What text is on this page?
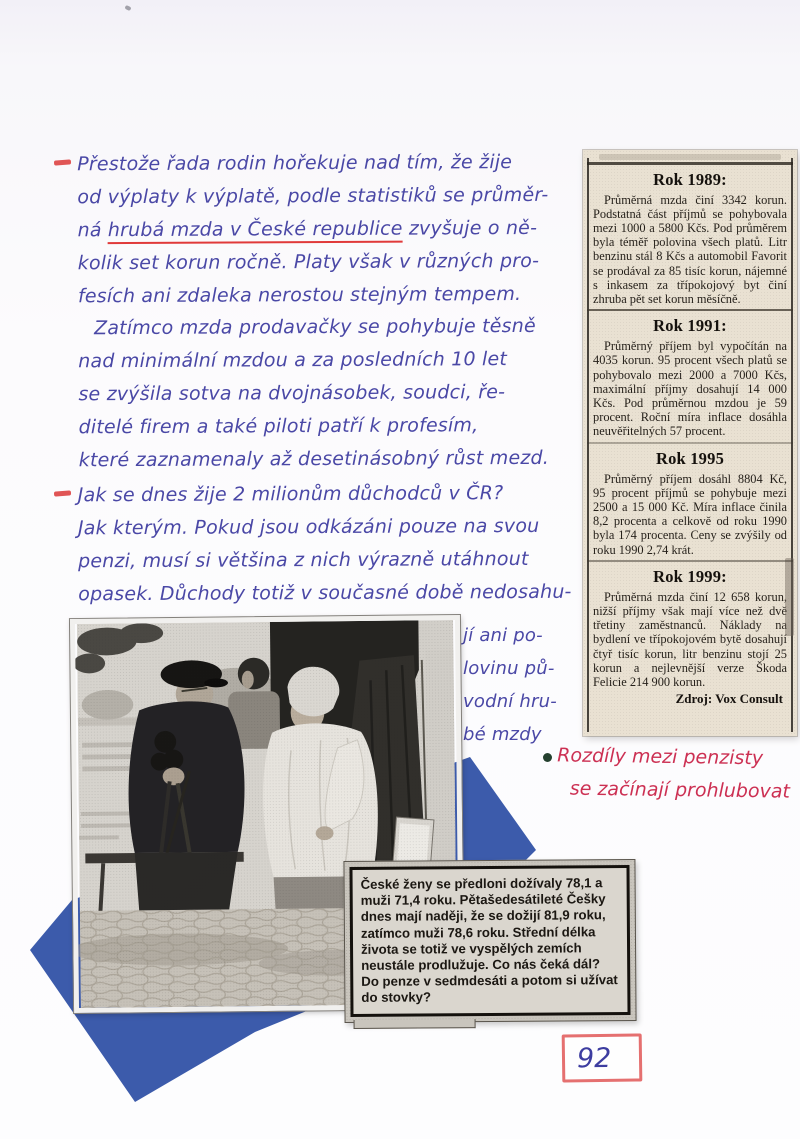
Přestože řada rodin hořekuje nad tím, že žije
od výplaty k výplatě, podle statistiků se průměr-
ná hrubá mzda v České republice zvyšuje o ně-
kolik set korun ročně. Platy však v různých pro-
fesích ani zdaleka nerostou stejným tempem.
Zatímco mzda prodavačky se pohybuje těsně
nad minimální mzdou a za posledních 10 let
se zvýšila sotva na dvojnásobek, soudci, ře-
ditelé firem a také piloti patří k profesím,
které zaznamenaly až desetinásobný růst mezd.
Jak se dnes žije 2 milionům důchodců v ČR?
Jak kterým. Pokud jsou odkázáni pouze na svou
penzi, musí si většina z nich výrazně utáhnout
opasek. Důchody totiž v současné době nedosahu-
jí ani po-
lovinu pů-
vodní hru-
bé mzdy
Rok 1989:

Průměrná mzda činí 3342 korun. Podstatná část příjmů se pohybovala mezi 1000 a 5800 Kčs. Pod průměrem byla téměř polovina všech platů. Litr benzinu stál 8 Kčs a automobil Favorit se prodával za 85 tisíc korun, nájemné s inkasem za třípokojový byt činí zhruba pět set korun měsíčně.

Rok 1991:

Průměrný příjem byl vypočítán na 4035 korun. 95 procent všech platů se pohybovalo mezi 2000 a 7000 Kčs, maximální příjmy dosahují 14 000 Kčs. Pod průměrnou mzdou je 59 procent. Roční míra inflace dosáhla neuvěřitelných 57 procent.

Rok 1995

Průměrný příjem dosáhl 8804 Kč, 95 procent příjmů se pohybuje mezi 2500 a 15 000 Kč. Míra inflace činila 8,2 procenta a celkově od roku 1990 byla 174 procenta. Ceny se zvýšily od roku 1990 2,74 krát.

Rok 1999:

Průměrná mzda činí 12 658 korun, nižší příjmy však mají více než dvě třetiny zaměstnanců. Náklady na bydlení ve třípokojovém bytě dosahují čtyř tisíc korun, litr benzinu stojí 25 korun a nejlevnější verze Škoda Felicie 214 900 korun.

Zdroj: Vox Consult
Rozdíly mezi penzisty
se začínají prohlubovat
České ženy se předloni dožívaly 78,1 a muži 71,4 roku. Pětašedesátileté Češky dnes mají naději, že se dožijí 81,9 roku, zatímco muži 78,6 roku. Střední délka života se totiž ve vyspělých zemích neustále prodlužuje. Co nás čeká dál? Do penze v sedmdesáti a potom si užívat do stovky?
92
